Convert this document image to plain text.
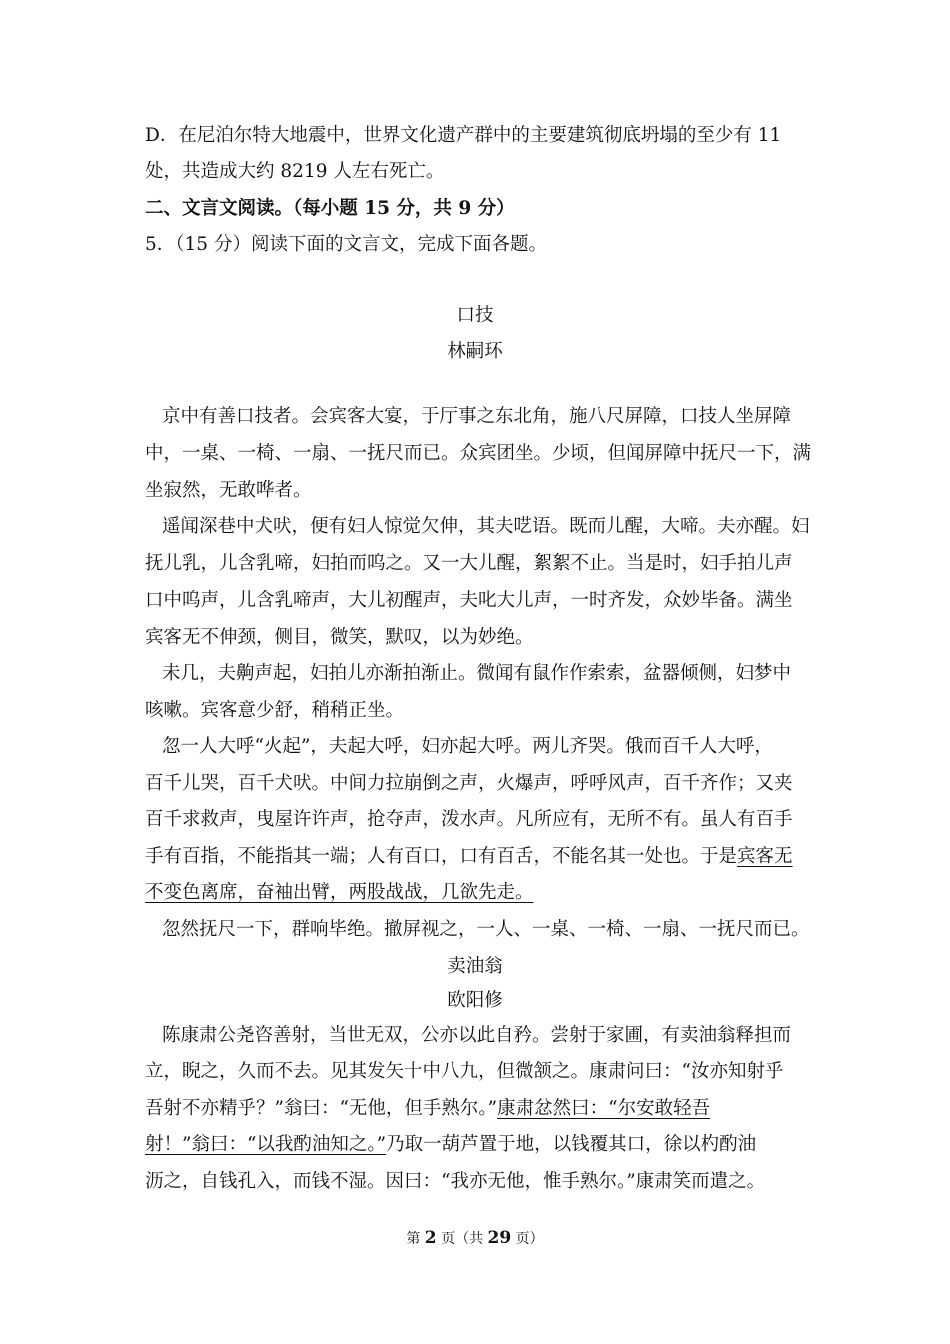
D．在尼泊尔特大地震中，世界文化遗产群中的主要建筑彻底坍塌的至少有 11
处，共造成大约 8219 人左右死亡。
二、文言文阅读。（每小题 15 分，共 9 分）
5．（15 分）阅读下面的文言文，完成下面各题。
口技
林嗣环
京中有善口技者。会宾客大宴，于厅事之东北角，施八尺屏障，口技人坐屏障
中，一桌、一椅、一扇、一抚尺而已。众宾团坐。少顷，但闻屏障中抚尺一下，满
坐寂然，无敢哗者。
遥闻深巷中犬吠，便有妇人惊觉欠伸，其夫呓语。既而儿醒，大啼。夫亦醒。妇
抚儿乳，儿含乳啼，妇拍而呜之。又一大儿醒，絮絮不止。当是时，妇手拍儿声
口中呜声，儿含乳啼声，大儿初醒声，夫叱大儿声，一时齐发，众妙毕备。满坐
宾客无不伸颈，侧目，微笑，默叹，以为妙绝。
未几，夫齁声起，妇拍儿亦渐拍渐止。微闻有鼠作作索索，盆器倾侧，妇梦中
咳嗽。宾客意少舒，稍稍正坐。
忽一人大呼“火起”，夫起大呼，妇亦起大呼。两儿齐哭。俄而百千人大呼，
百千儿哭，百千犬吠。中间力拉崩倒之声，火爆声，呼呼风声，百千齐作；又夹
百千求救声，曳屋许许声，抢夺声，泼水声。凡所应有，无所不有。虽人有百手
手有百指，不能指其一端；人有百口，口有百舌，不能名其一处也。于是宾客无
不变色离席，奋袖出臂，两股战战，几欲先走。
忽然抚尺一下，群响毕绝。撤屏视之，一人、一桌、一椅、一扇、一抚尺而已。
卖油翁
欧阳修
陈康肃公尧咨善射，当世无双，公亦以此自矜。尝射于家圃，有卖油翁释担而
立，睨之，久而不去。见其发矢十中八九，但微颔之。康肃问曰：“汝亦知射乎
吾射不亦精乎？”翁曰：“无他，但手熟尔。”康肃忿然曰：“尔安敢轻吾
射！”翁曰：“以我酌油知之。”乃取一葫芦置于地，以钱覆其口，徐以杓酌油
沥之，自钱孔入，而钱不湿。因曰：“我亦无他，惟手熟尔。”康肃笑而遣之。
第 2 页（共 29 页）
